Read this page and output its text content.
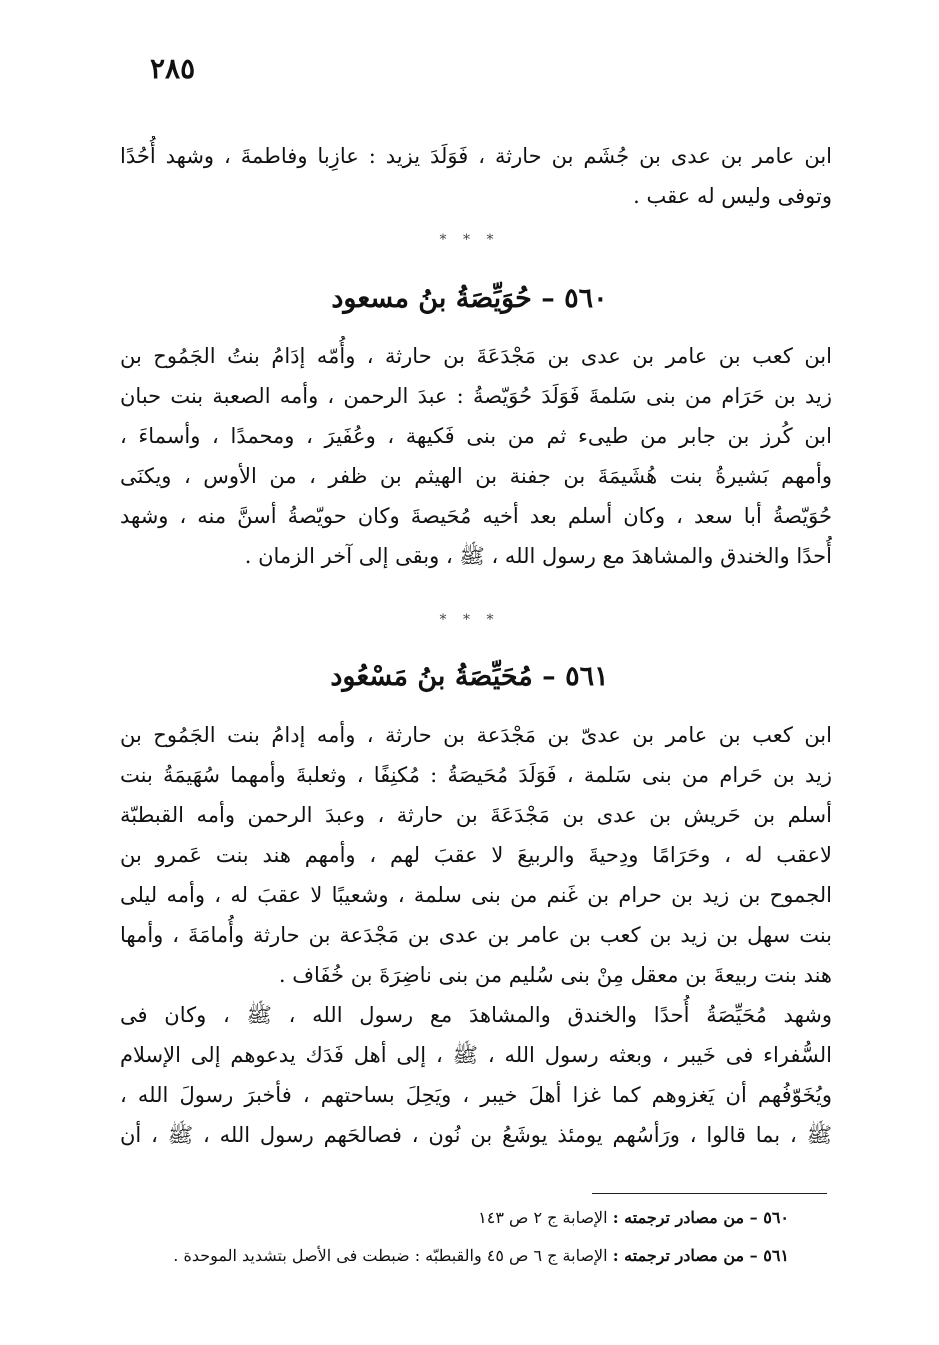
٢٨٥
ابن عامر بن عدى بن جُشَم بن حارثة ، فَوَلَدَ يزيد : عازِبا وفاطمةَ ، وشهد أُحُدًا
وتوفى وليس له عقب .
* * *
٥٦٠ – حُوَيِّصَةُ بنُ مسعود
ابن كعب بن عامر بن عدى بن مَجْدَعَةَ بن حارثة ، وأُمّه إدَامُ بنتُ الجَمُوح بن
زيد بن حَرَام من بنى سَلمةَ فَوَلَدَ حُوَيّصةُ : عبدَ الرحمن ، وأمه الصعبة بنت حبان
ابن كُرز بن جابر من طيىء ثم من بنى فَكيهة ، وعُفَيرَ ، ومحمدًا ، وأسماءَ ،
وأمهم بَشيرةُ بنت هُشَيمَةَ بن جفنة بن الهيثم بن ظفر ، من الأوس ، ويكنَى
حُوَيّصةُ أبا سعد ، وكان أسلم بعد أخيه مُحَيصةَ وكان حويّصةُ أسنَّ منه ، وشهد
أُحدًا والخندق والمشاهدَ مع رسول الله ، ﷺ ، وبقى إلى آخر الزمان .
* * *
٥٦١ – مُحَيِّصَةُ بنُ مَسْعُود
ابن كعب بن عامر بن عدىّ بن مَجْدَعة بن حارثة ، وأمه إدامُ بنت الجَمُوح بن
زيد بن حَرام من بنى سَلمة ، فَوَلَدَ مُحَيصَةُ : مُكنِفًا ، وثعلبةَ وأمهما سُهَيمَةُ بنت
أسلم بن حَريش بن عدى بن مَجْدَعَةَ بن حارثة ، وعبدَ الرحمن وأمه القبطبّة
لاعقب له ، وحَرَامًا ودِحيةَ والربيعَ لا عقبَ لهم ، وأمهم هند بنت عَمرو بن
الجموح بن زيد بن حرام بن غَنم من بنى سلمة ، وشعيبًا لا عقبَ له ، وأمه ليلى
بنت سهل بن زيد بن كعب بن عامر بن عدى بن مَجْدَعة بن حارثة وأُمامَةَ ، وأمها
هند بنت ربيعةَ بن معقل مِنْ بنى سُليم من بنى ناضِرَةَ بن خُفَاف .
وشهد مُحَيِّصَةُ أُحدًا والخندق والمشاهدَ مع رسول الله ، ﷺ ، وكان فى
السُّفراء فى خَيبر ، وبعثه رسول الله ، ﷺ ، إلى أهل فَدَك يدعوهم إلى الإسلام
ويُخَوّفُهم أن يَغزوهم كما غزا أهلَ خيبر ، ويَحِلَ بساحتهم ، فأخبرَ رسولَ الله ،
ﷺ ، بما قالوا ، ورَأسُهم يومئذ يوشَعُ بن نُون ، فصالحَهم رسول الله ، ﷺ ، أن
٥٦٠ – من مصادر ترجمته : الإصابة ج ٢ ص ١٤٣
٥٦١ – من مصادر ترجمته : الإصابة ج ٦ ص ٤٥ والقبطبّه : ضبطت فى الأصل بتشديد الموحدة .
